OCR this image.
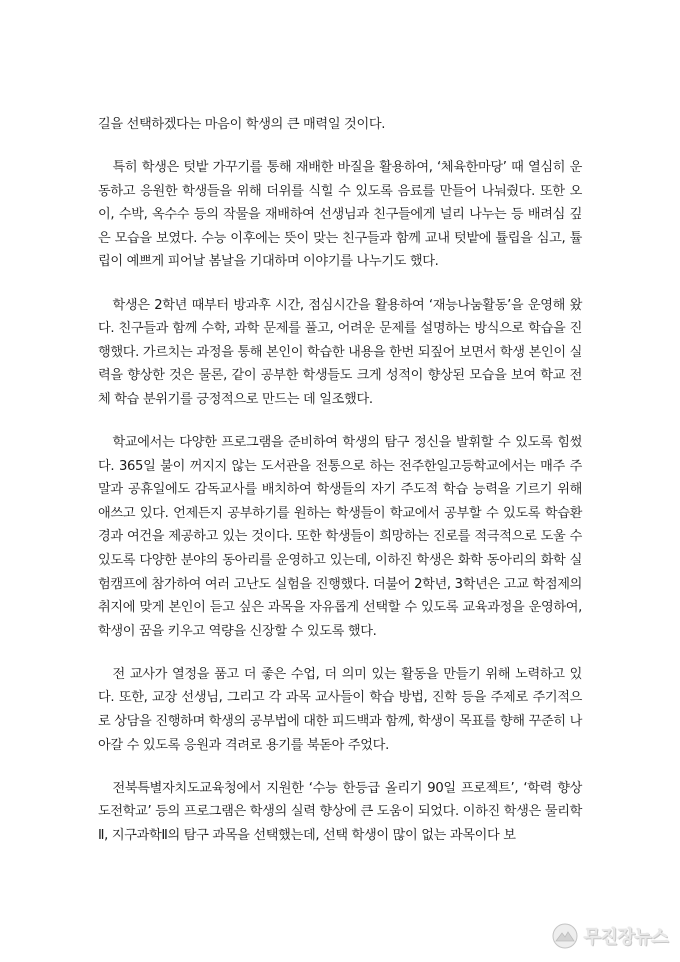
길을 선택하겠다는 마음이 학생의 큰 매력일 것이다.

특히 학생은 텃밭 가꾸기를 통해 재배한 바질을 활용하여, ‘체육한마당’ 때 열심히 운동하고 응원한 학생들을 위해 더위를 식힐 수 있도록 음료를 만들어 나눠줬다. 또한 오이, 수박, 옥수수 등의 작물을 재배하여 선생님과 친구들에게 널리 나누는 등 배려심 깊은 모습을 보였다. 수능 이후에는 뜻이 맞는 친구들과 함께 교내 텃밭에 튤립을 심고, 튤립이 예쁘게 피어날 봄날을 기대하며 이야기를 나누기도 했다.

학생은 2학년 때부터 방과후 시간, 점심시간을 활용하여 ‘재능나눔활동’을 운영해 왔다. 친구들과 함께 수학, 과학 문제를 풀고, 어려운 문제를 설명하는 방식으로 학습을 진행했다. 가르치는 과정을 통해 본인이 학습한 내용을 한번 되짚어 보면서 학생 본인이 실력을 향상한 것은 물론, 같이 공부한 학생들도 크게 성적이 향상된 모습을 보여 학교 전체 학습 분위기를 긍정적으로 만드는 데 일조했다.

학교에서는 다양한 프로그램을 준비하여 학생의 탐구 정신을 발휘할 수 있도록 힘썼다. 365일 불이 꺼지지 않는 도서관을 전통으로 하는 전주한일고등학교에서는 매주 주말과 공휴일에도 감독교사를 배치하여 학생들의 자기 주도적 학습 능력을 기르기 위해 애쓰고 있다. 언제든지 공부하기를 원하는 학생들이 학교에서 공부할 수 있도록 학습환경과 여건을 제공하고 있는 것이다. 또한 학생들이 희망하는 진로를 적극적으로 도울 수 있도록 다양한 분야의 동아리를 운영하고 있는데, 이하진 학생은 화학 동아리의 화학 실험캠프에 참가하여 여러 고난도 실험을 진행했다. 더불어 2학년, 3학년은 고교 학점제의 취지에 맞게 본인이 듣고 싶은 과목을 자유롭게 선택할 수 있도록 교육과정을 운영하여, 학생이 꿈을 키우고 역량을 신장할 수 있도록 했다.

전 교사가 열정을 품고 더 좋은 수업, 더 의미 있는 활동을 만들기 위해 노력하고 있다. 또한, 교장 선생님, 그리고 각 과목 교사들이 학습 방법, 진학 등을 주제로 주기적으로 상담을 진행하며 학생의 공부법에 대한 피드백과 함께, 학생이 목표를 향해 꾸준히 나아갈 수 있도록 응원과 격려로 용기를 북돋아 주었다.

전북특별자치도교육청에서 지원한 ‘수능 한등급 올리기 90일 프로젝트’, ‘학력 향상 도전학교’ 등의 프로그램은 학생의 실력 향상에 큰 도움이 되었다. 이하진 학생은 물리학Ⅱ, 지구과학Ⅱ의 탐구 과목을 선택했는데, 선택 학생이 많이 없는 과목이다 보

무진장뉴스
